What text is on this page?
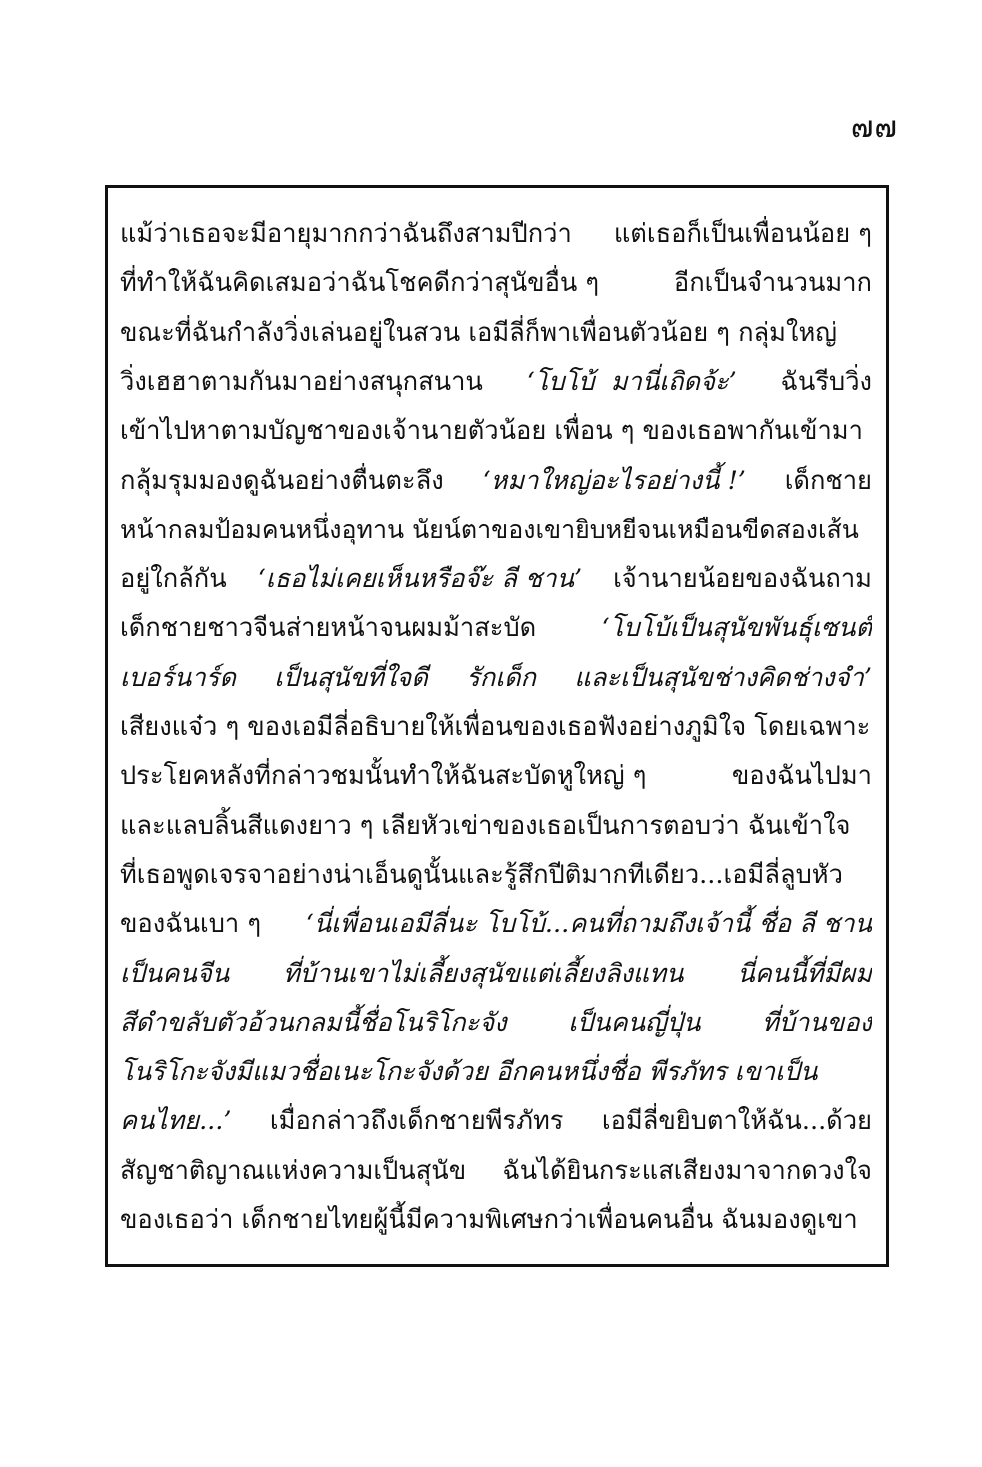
๗๗
แม้ว่าเธอจะมีอายุมากกว่าฉันถึงสามปีกว่า แต่เธอก็เป็นเพื่อนน้อย ๆ
ที่ทำให้ฉันคิดเสมอว่าฉันโชคดีกว่าสุนัขอื่น ๆ	อีกเป็นจำนวนมาก
ขณะที่ฉันกำลังวิ่งเล่นอยู่ในสวน เอมีลี่ก็พาเพื่อนตัวน้อย ๆ กลุ่มใหญ่
วิ่งเฮฮาตามกันมาอย่างสนุกสนาน ‘โบโบ้  มานี่เถิดจ้ะ’ ฉันรีบวิ่ง
เข้าไปหาตามบัญชาของเจ้านายตัวน้อย เพื่อน ๆ ของเธอพากันเข้ามา
กลุ้มรุมมองดูฉันอย่างตื่นตะลึง ‘หมาใหญ่อะไรอย่างนี้ !’ เด็กชาย
หน้ากลมป้อมคนหนึ่งอุทาน นัยน์ตาของเขายิบหยีจนเหมือนขีดสองเส้น
อยู่ใกล้กัน ‘เธอไม่เคยเห็นหรือจ๊ะ ลี ชาน’ เจ้านายน้อยของฉันถาม
เด็กชายชาวจีนส่ายหน้าจนผมม้าสะบัด	‘โบโบ้เป็นสุนัขพันธุ์เซนต์
เบอร์นาร์ด เป็นสุนัขที่ใจดี รักเด็ก และเป็นสุนัขช่างคิดช่างจำ’
เสียงแจ๋ว ๆ ของเอมีลี่อธิบายให้เพื่อนของเธอฟังอย่างภูมิใจ โดยเฉพาะ
ประโยคหลังที่กล่าวชมนั้นทำให้ฉันสะบัดหูใหญ่ ๆ	ของฉันไปมา
และแลบลิ้นสีแดงยาว ๆ เลียหัวเข่าของเธอเป็นการตอบว่า ฉันเข้าใจ
ที่เธอพูดเจรจาอย่างน่าเอ็นดูนั้นและรู้สึกปีติมากทีเดียว...เอมีลี่ลูบหัว
ของฉันเบา ๆ ‘นี่เพื่อนเอมีลี่นะ โบโบ้...คนที่ถามถึงเจ้านี้ ชื่อ ลี ชาน
เป็นคนจีน ที่บ้านเขาไม่เลี้ยงสุนัขแต่เลี้ยงลิงแทน นี่คนนี้ที่มีผม
สีดำขลับตัวอ้วนกลมนี้ชื่อโนริโกะจัง เป็นคนญี่ปุ่น ที่บ้านของ
โนริโกะจังมีแมวชื่อเนะโกะจังด้วย อีกคนหนึ่งชื่อ พีรภัทร เขาเป็น
คนไทย...’ เมื่อกล่าวถึงเด็กชายพีรภัทร เอมีลี่ขยิบตาให้ฉัน...ด้วย
สัญชาติญาณแห่งความเป็นสุนัข ฉันได้ยินกระแสเสียงมาจากดวงใจ
ของเธอว่า เด็กชายไทยผู้นี้มีความพิเศษกว่าเพื่อนคนอื่น ฉันมองดูเขา
